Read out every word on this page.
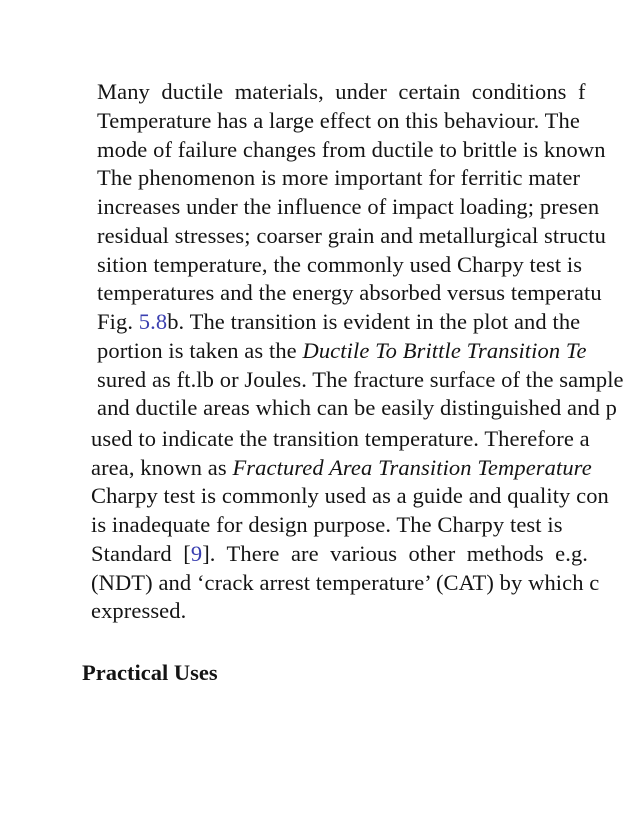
Many  ductile  materials,  under  certain  conditions  f
Temperature has a large effect on this behaviour. The
mode of failure changes from ductile to brittle is known
The phenomenon is more important for ferritic mater
increases under the influence of impact loading; presen
residual stresses; coarser grain and metallurgical structu
sition temperature, the commonly used Charpy test is
temperatures and the energy absorbed versus temperatu
Fig. 5.8b. The transition is evident in the plot and the
portion is taken as the Ductile To Brittle Transition Te
sured as ft.lb or Joules. The fracture surface of the sample
and ductile areas which can be easily distinguished and p
used to indicate the transition temperature. Therefore a
area, known as Fractured Area Transition Temperature
Charpy test is commonly used as a guide and quality con
is inadequate for design purpose. The Charpy test is
Standard  [9].  There  are  various  other  methods  e.g.
(NDT) and ‘crack arrest temperature’ (CAT) by which c
expressed.
Practical Uses
